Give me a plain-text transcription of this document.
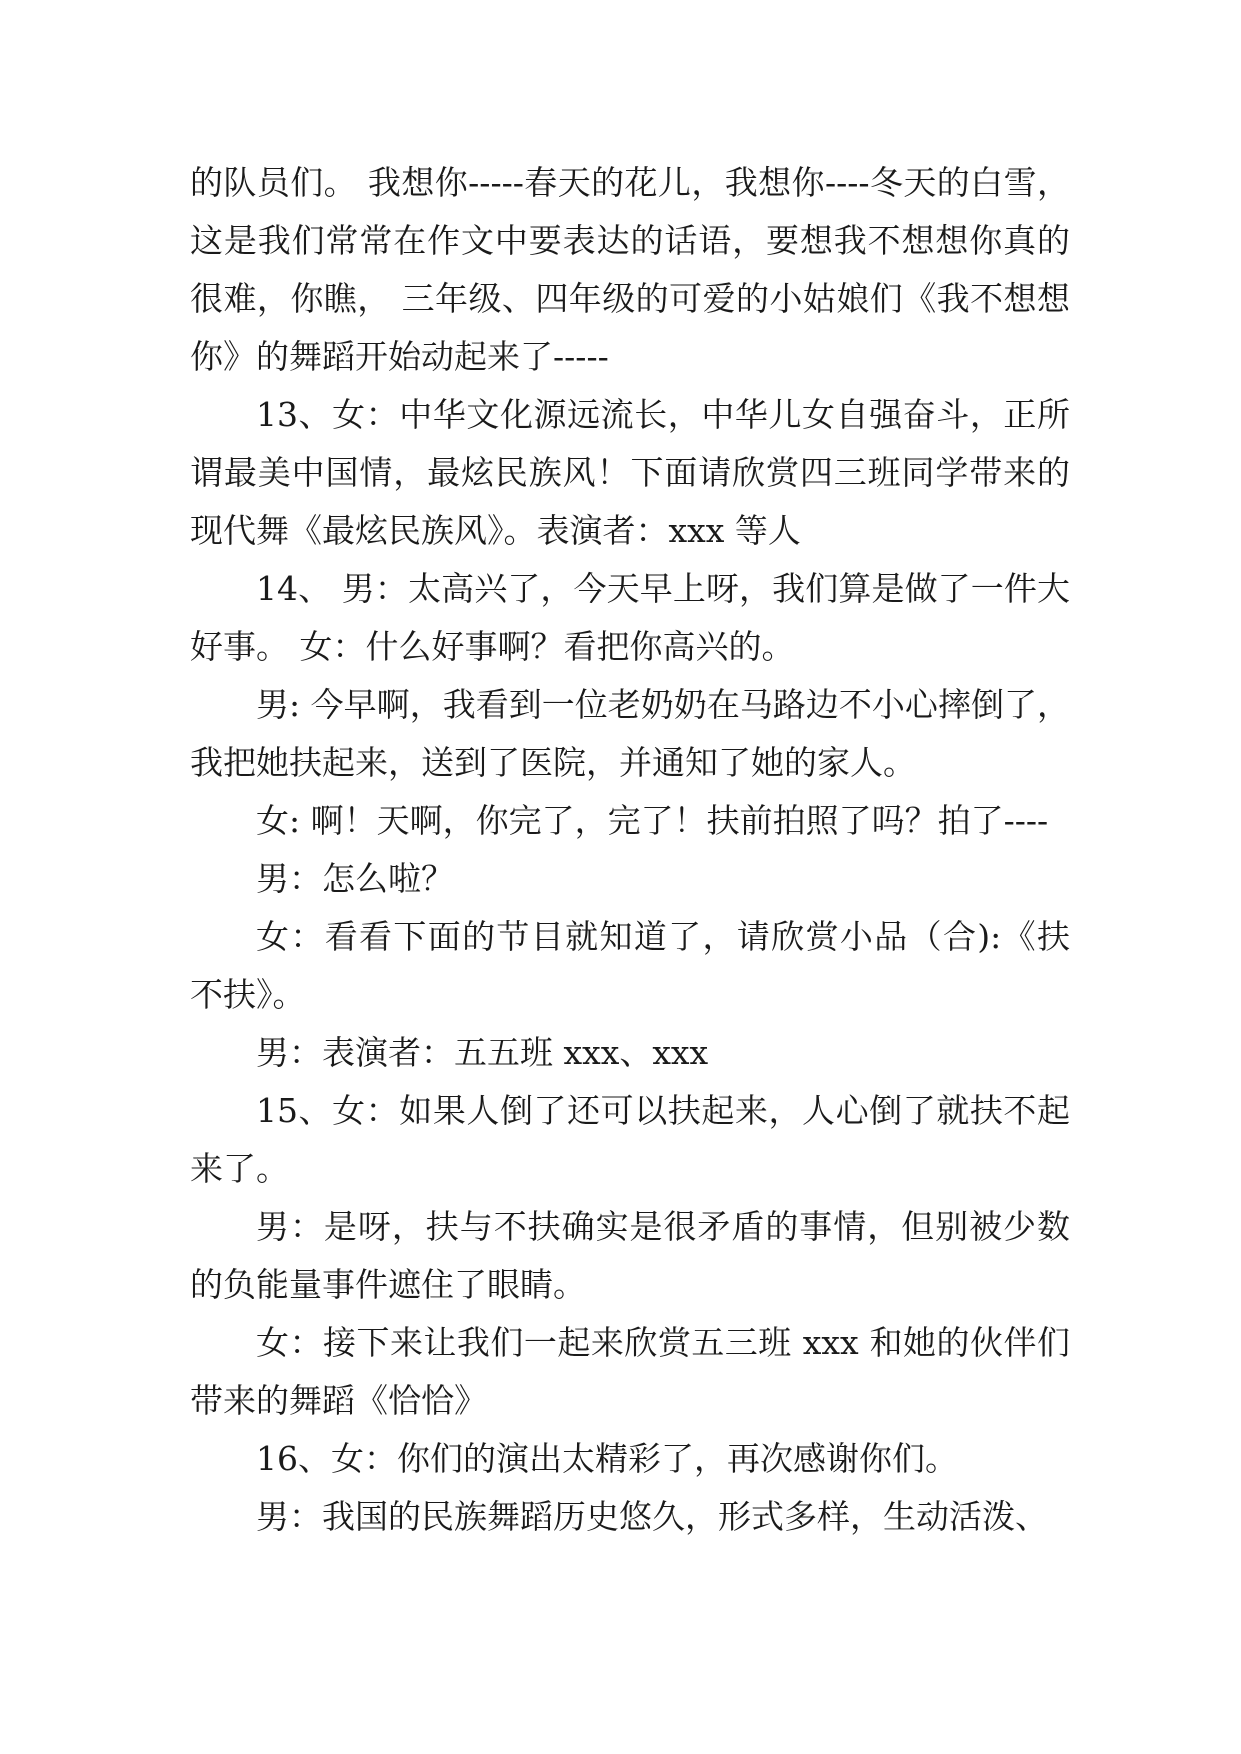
的队员们。 我想你-----春天的花儿，我想你----冬天的白雪，这是我们常常在作文中要表达的话语，要想我不想想你真的很难，你瞧， 三年级、四年级的可爱的小姑娘们《我不想想你》的舞蹈开始动起来了-----

13、女：中华文化源远流长，中华儿女自强奋斗，正所谓最美中国情，最炫民族风！下面请欣赏四三班同学带来的现代舞《最炫民族风》。表演者：xxx 等人

14、 男：太高兴了，今天早上呀，我们算是做了一件大好事。 女：什么好事啊？看把你高兴的。

男: 今早啊，我看到一位老奶奶在马路边不小心摔倒了，我把她扶起来，送到了医院，并通知了她的家人。

女: 啊！天啊，你完了，完了！扶前拍照了吗？拍了----

男：怎么啦？

女：看看下面的节目就知道了，请欣赏小品（合):《扶不扶》。

男：表演者：五五班 xxx、xxx

15、女：如果人倒了还可以扶起来，人心倒了就扶不起来了。

男：是呀，扶与不扶确实是很矛盾的事情，但别被少数的负能量事件遮住了眼睛。

女：接下来让我们一起来欣赏五三班 xxx 和她的伙伴们带来的舞蹈《恰恰》

16、女：你们的演出太精彩了，再次感谢你们。

男：我国的民族舞蹈历史悠久，形式多样，生动活泼、
